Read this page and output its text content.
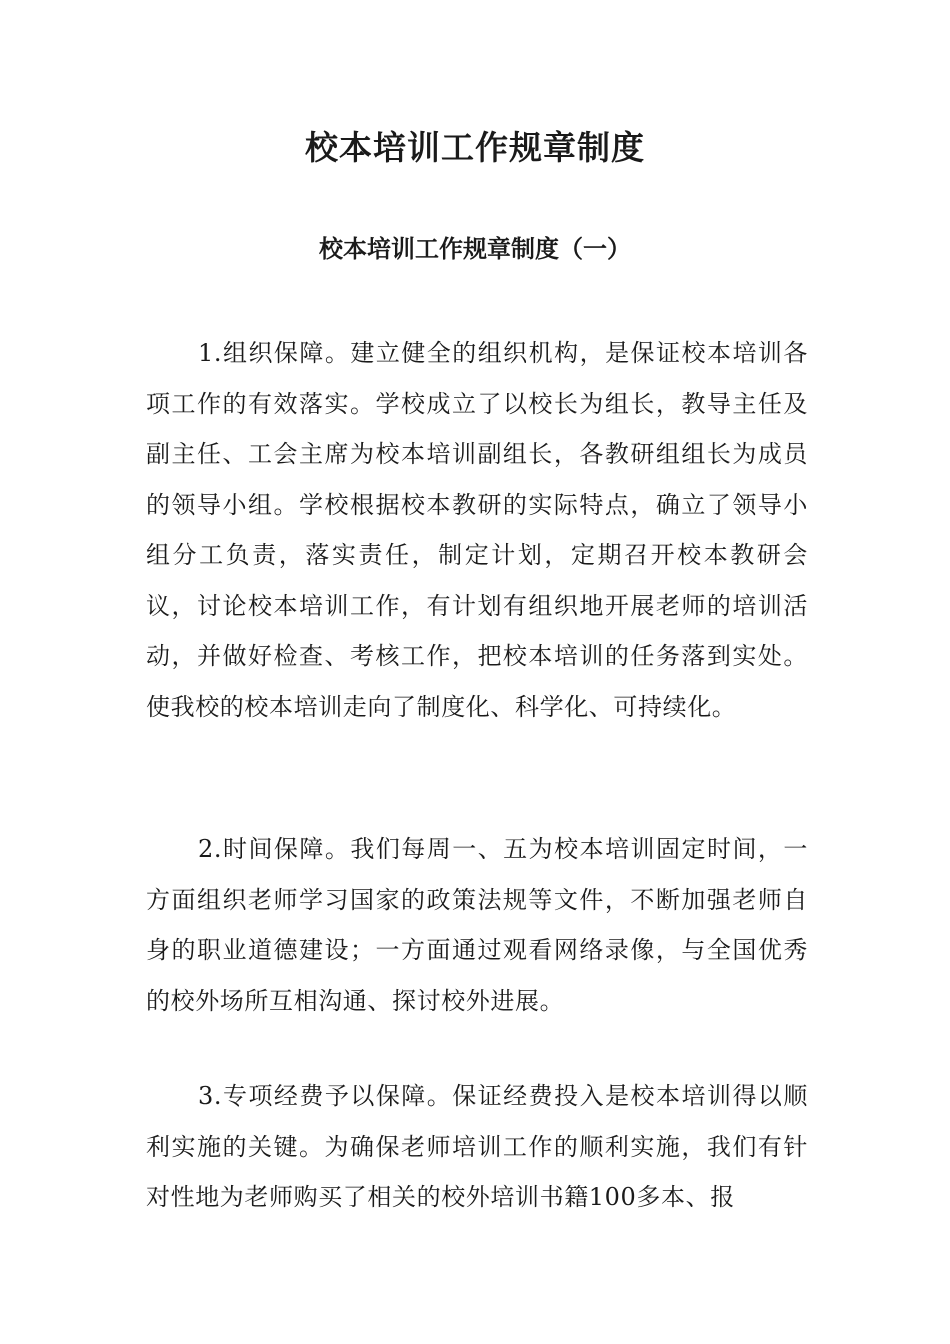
校本培训工作规章制度
校本培训工作规章制度（一）

1.组织保障。建立健全的组织机构，是保证校本培训各项工作的有效落实。学校成立了以校长为组长，教导主任及副主任、工会主席为校本培训副组长，各教研组组长为成员的领导小组。学校根据校本教研的实际特点，确立了领导小组分工负责，落实责任，制定计划，定期召开校本教研会议，讨论校本培训工作，有计划有组织地开展老师的培训活动，并做好检查、考核工作，把校本培训的任务落到实处。使我校的校本培训走向了制度化、科学化、可持续化。

2.时间保障。我们每周一、五为校本培训固定时间，一方面组织老师学习国家的政策法规等文件，不断加强老师自身的职业道德建设；一方面通过观看网络录像，与全国优秀的校外场所互相沟通、探讨校外进展。

3.专项经费予以保障。保证经费投入是校本培训得以顺利实施的关键。为确保老师培训工作的顺利实施，我们有针对性地为老师购买了相关的校外培训书籍100多本、报
